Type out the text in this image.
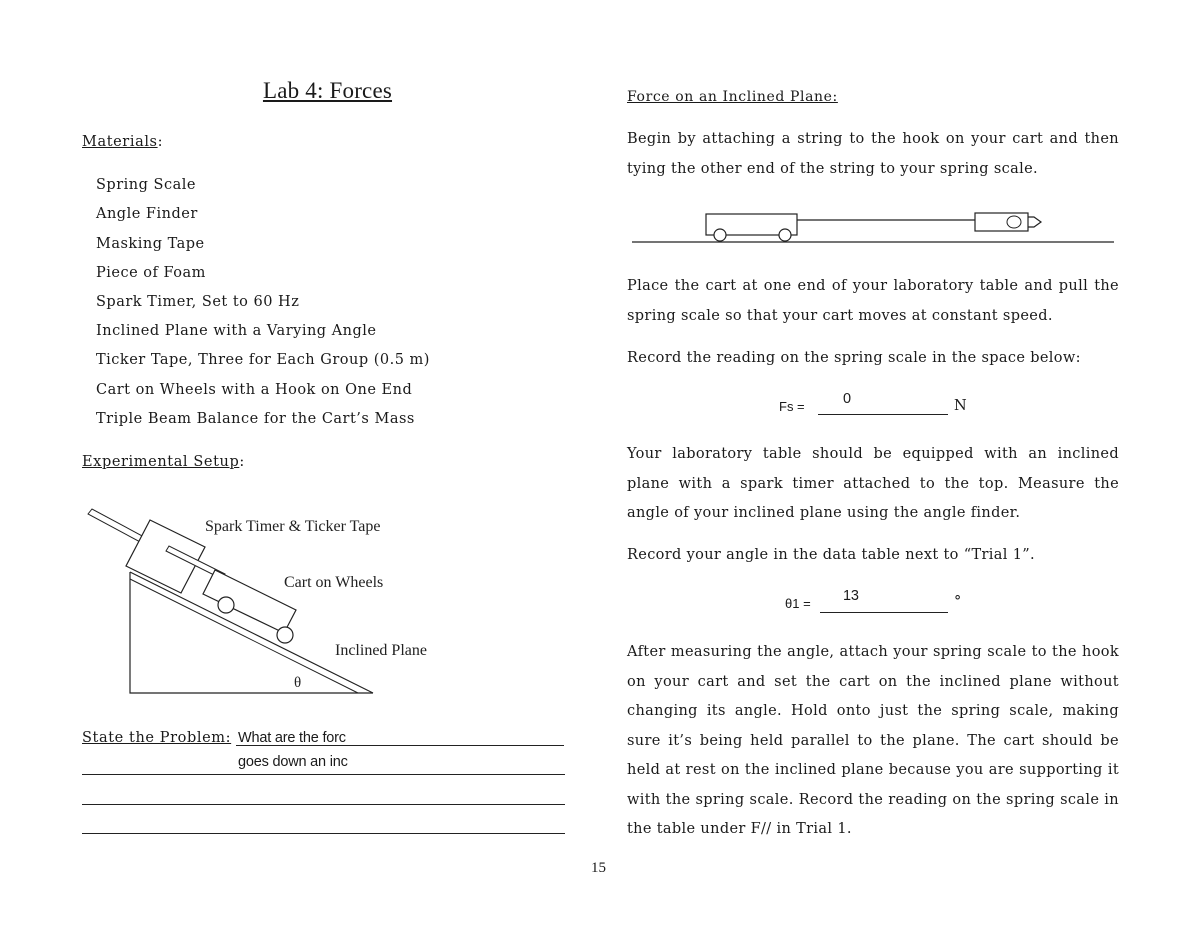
Lab 4: Forces
Materials:
Spring Scale
Angle Finder
Masking Tape
Piece of Foam
Spark Timer, Set to 60 Hz
Inclined Plane with a Varying Angle
Ticker Tape, Three for Each Group (0.5 m)
Cart on Wheels with a Hook on One End
Triple Beam Balance for the Cart’s Mass
Experimental Setup:
Spark Timer & Ticker Tape
Cart on Wheels
Inclined Plane
θ
State the Problem: What are the forc
goes down an inc
Force on an Inclined Plane:
Begin by attaching a string to the hook on your cart and then tying the other end of the string to your spring scale.
Place the cart at one end of your laboratory table and pull the spring scale so that your cart moves at constant speed.
Record the reading on the spring scale in the space below:
Fs =	0	N
Your laboratory table should be equipped with an inclined plane with a spark timer attached to the top. Measure the angle of your inclined plane using the angle finder.
Record your angle in the data table next to “Trial 1”.
θ1 = 13	°
After measuring the angle, attach your spring scale to the hook on your cart and set the cart on the inclined plane without changing its angle. Hold onto just the spring scale, making sure it’s being held parallel to the plane. The cart should be held at rest on the inclined plane because you are supporting it with the spring scale. Record the reading on the spring scale in the table under F// in Trial 1.
15
